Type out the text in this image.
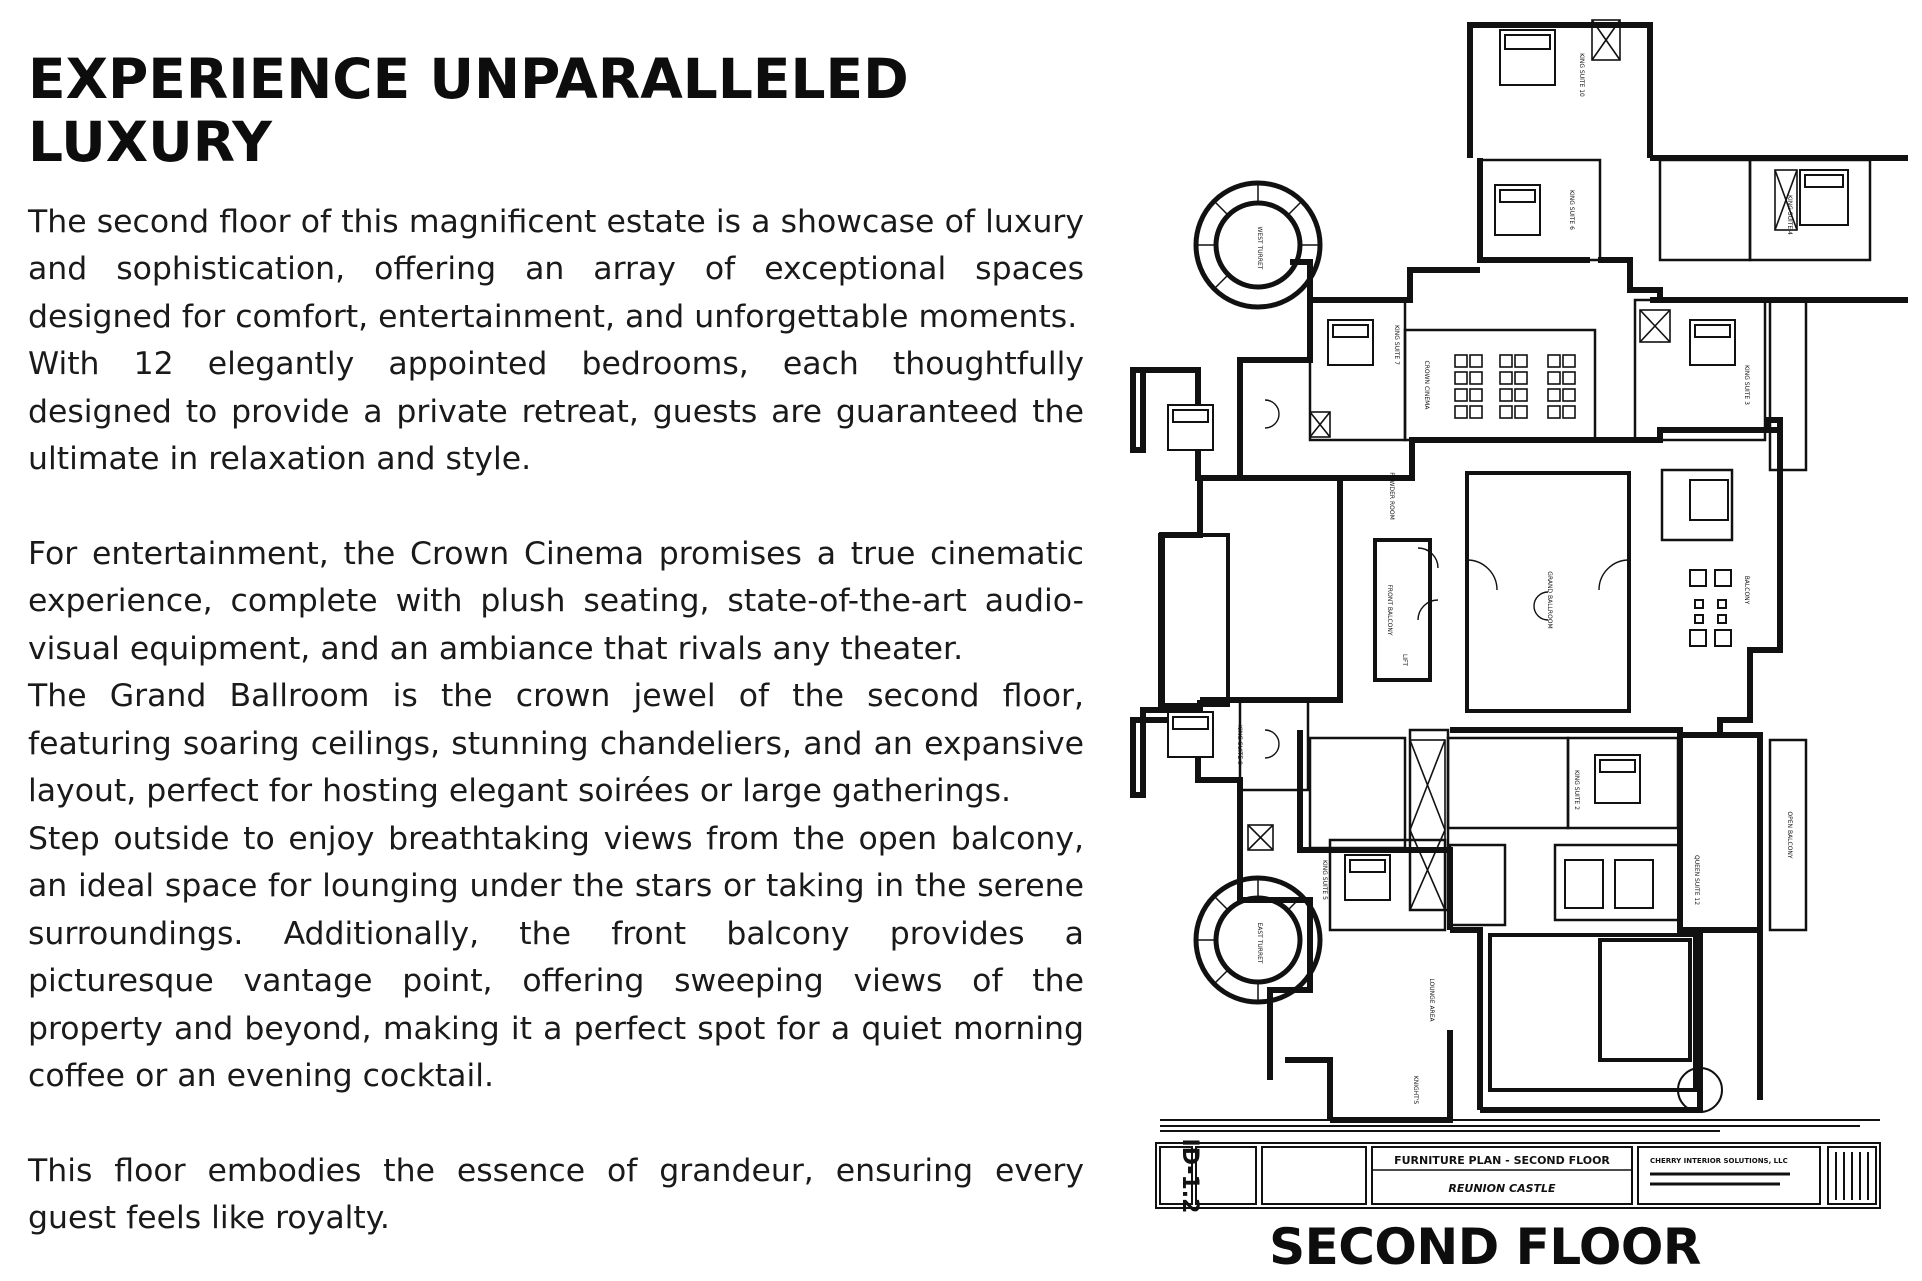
EXPERIENCE UNPARALLELED LUXURY

The second floor of this magnificent estate is a showcase of luxury and sophistication, offering an array of exceptional spaces designed for comfort, entertainment, and unforgettable moments.

With 12 elegantly appointed bedrooms, each thoughtfully designed to provide a private retreat, guests are guaranteed the ultimate in relaxation and style.

For entertainment, the Crown Cinema promises a true cinematic experience, complete with plush seating, state-of-the-art audio-visual equipment, and an ambiance that rivals any theater.

The Grand Ballroom is the crown jewel of the second floor, featuring soaring ceilings, stunning chandeliers, and an expansive layout, perfect for hosting elegant soirées or large gatherings.

Step outside to enjoy breathtaking views from the open balcony, an ideal space for lounging under the stars or taking in the serene surroundings. Additionally, the front balcony provides a picturesque vantage point, offering sweeping views of the property and beyond, making it a perfect spot for a quiet morning coffee or an evening cocktail.

This floor embodies the essence of grandeur, ensuring every guest feels like royalty.

WEST TURRET
EAST TURRET
CROWN CINEMA
GRAND BALLROOM
FRONT BALCONY	BALCONY
OPEN BALCONY
LIFT
LOUNGE AREA
KNIGHT'S
KING SUITE 10
KING SUITE 6	KING SUITE 4
KING SUITE 7
KING SUITE 8
KING SUITE 9
KING SUITE 3
KING SUITE 2
KING SUITE 5	QUEEN SUITE 12
POWDER ROOM
ID-1.2	FURNITURE PLAN - SECOND FLOOR
REUNION CASTLE
CHERRY INTERIOR SOLUTIONS, LLC
SECOND FLOOR
